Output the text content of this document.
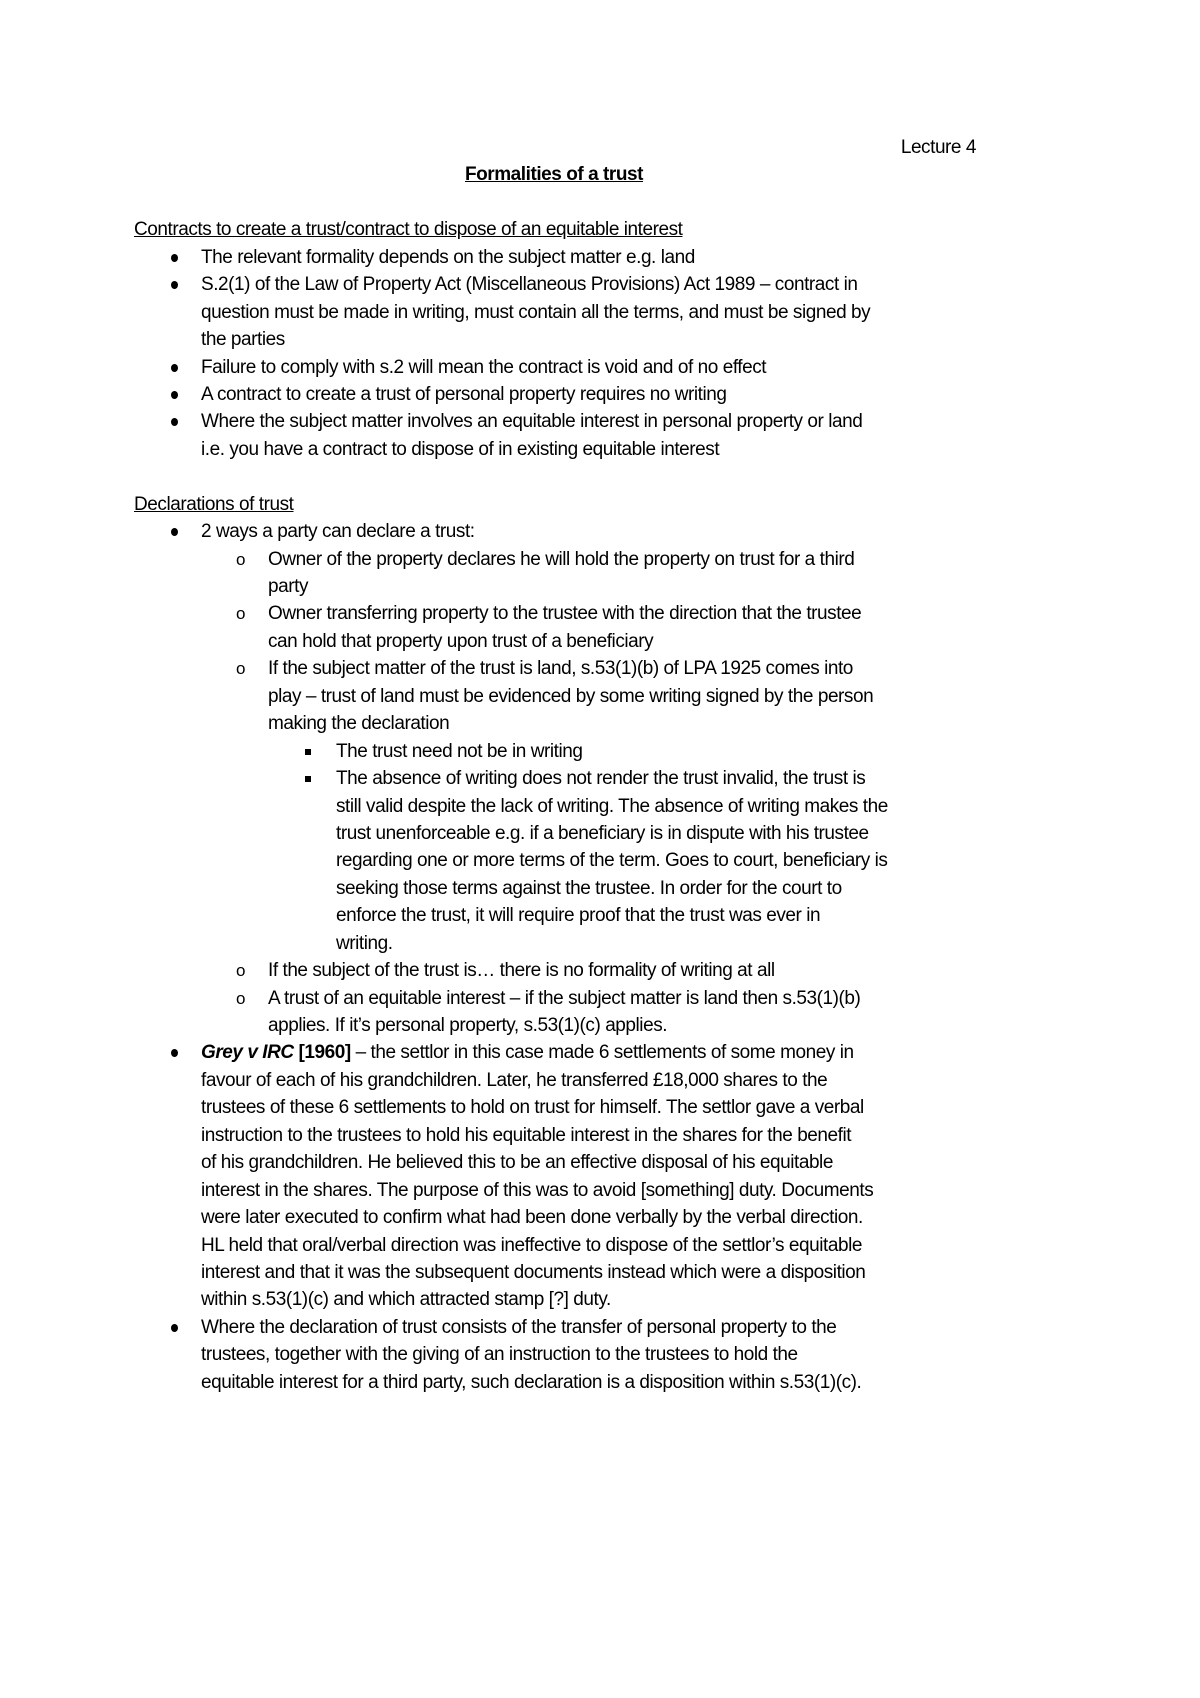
Lecture 4
Formalities of a trust
Contracts to create a trust/contract to dispose of an equitable interest
The relevant formality depends on the subject matter e.g. land
S.2(1) of the Law of Property Act (Miscellaneous Provisions) Act 1989 – contract in
question must be made in writing, must contain all the terms, and must be signed by
the parties
Failure to comply with s.2 will mean the contract is void and of no effect
A contract to create a trust of personal property requires no writing
Where the subject matter involves an equitable interest in personal property or land
i.e. you have a contract to dispose of in existing equitable interest
Declarations of trust
2 ways a party can declare a trust:
o Owner of the property declares he will hold the property on trust for a third
party
o Owner transferring property to the trustee with the direction that the trustee
can hold that property upon trust of a beneficiary
o If the subject matter of the trust is land, s.53(1)(b) of LPA 1925 comes into
play – trust of land must be evidenced by some writing signed by the person
making the declaration
The trust need not be in writing
The absence of writing does not render the trust invalid, the trust is
still valid despite the lack of writing. The absence of writing makes the
trust unenforceable e.g. if a beneficiary is in dispute with his trustee
regarding one or more terms of the term. Goes to court, beneficiary is
seeking those terms against the trustee. In order for the court to
enforce the trust, it will require proof that the trust was ever in
writing.
o If the subject of the trust is… there is no formality of writing at all
o A trust of an equitable interest – if the subject matter is land then s.53(1)(b)
applies. If it’s personal property, s.53(1)(c) applies.
Grey v IRC [1960] – the settlor in this case made 6 settlements of some money in
favour of each of his grandchildren. Later, he transferred £18,000 shares to the
trustees of these 6 settlements to hold on trust for himself. The settlor gave a verbal
instruction to the trustees to hold his equitable interest in the shares for the benefit
of his grandchildren. He believed this to be an effective disposal of his equitable
interest in the shares. The purpose of this was to avoid [something] duty. Documents
were later executed to confirm what had been done verbally by the verbal direction.
HL held that oral/verbal direction was ineffective to dispose of the settlor’s equitable
interest and that it was the subsequent documents instead which were a disposition
within s.53(1)(c) and which attracted stamp [?] duty.
Where the declaration of trust consists of the transfer of personal property to the
trustees, together with the giving of an instruction to the trustees to hold the
equitable interest for a third party, such declaration is a disposition within s.53(1)(c).
